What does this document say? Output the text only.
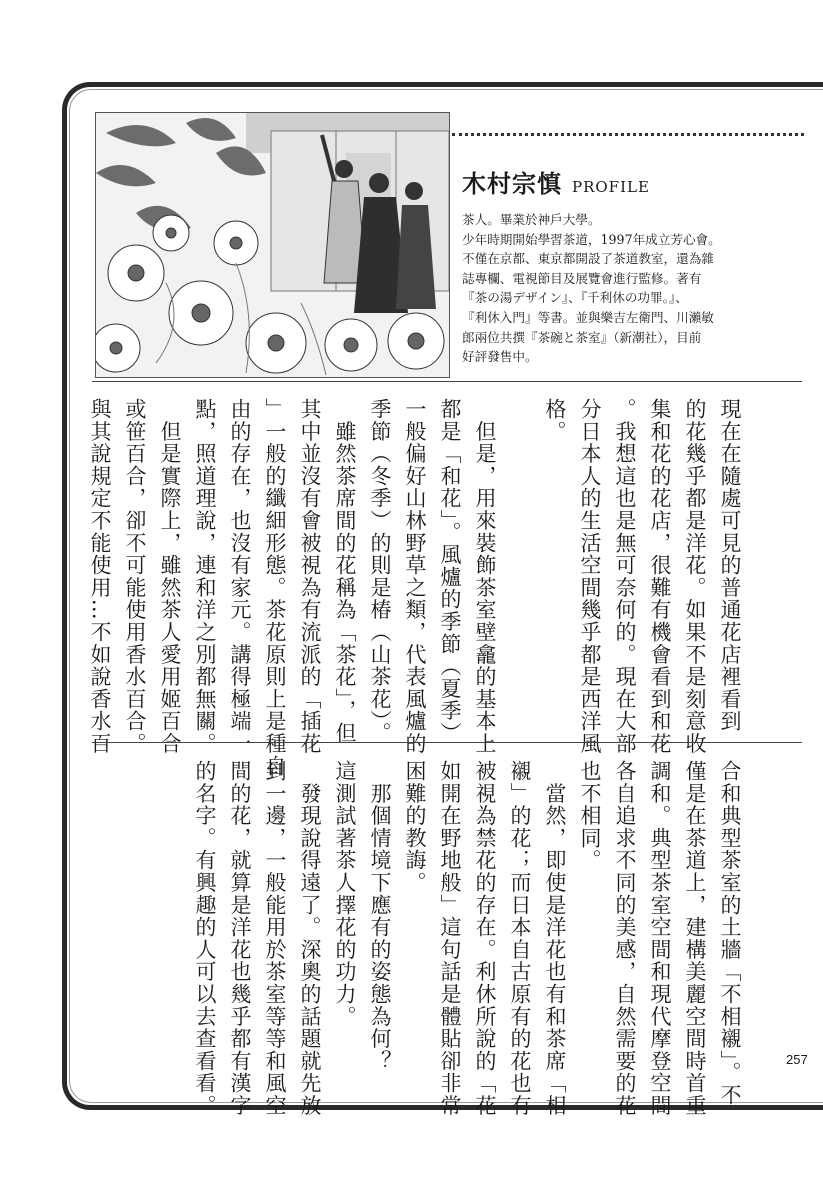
木村宗慎 PROFILE
茶人。畢業於神戶大學。
少年時期開始學習茶道，1997年成立芳心會。
不僅在京都、東京都開設了茶道教室，還為雜
誌專欄、電視節目及展覽會進行監修。著有
『茶の湯デザイン』、『千利休の功罪。』、
『利休入門』等書。並與樂吉左衛門、川瀨敏
郎兩位共撰『茶碗と茶室』（新潮社），目前
好評發售中。
現在在隨處可見的普通花店裡看到
的花幾乎都是洋花。如果不是刻意收
集和花的花店，很難有機會看到和花
。我想這也是無可奈何的。現在大部
分日本人的生活空間幾乎都是西洋風
格。
　但是，用來裝飾茶室壁龕的基本上
都是「和花」。風爐的季節（夏季）
一般偏好山林野草之類，代表風爐的
季節（冬季）的則是椿（山茶花）。
　雖然茶席間的花稱為「茶花」，但
其中並沒有會被視為有流派的「插花
」一般的纖細形態。茶花原則上是種自
由的存在，也沒有家元。講得極端一
點，照道理說，連和洋之別都無關。
　但是實際上，雖然茶人愛用姬百合
或笹百合，卻不可能使用香水百合。
與其說規定不能使用…不如說香水百
合和典型茶室的土牆「不相襯」。不
僅是在茶道上，建構美麗空間時首重
調和。典型茶室空間和現代摩登空間
各自追求不同的美感，自然需要的花
也不相同。
　當然，即使是洋花也有和茶席「相
襯」的花；而日本自古原有的花也有
被視為禁花的存在。利休所說的「花
如開在野地般」這句話是體貼卻非常
困難的教誨。
　那個情境下應有的姿態為何？
這測試著茶人擇花的功力。
　發現說得遠了。深奧的話題就先放
到一邊，一般能用於茶室等等和風空
間的花，就算是洋花也幾乎都有漢字
的名字。有興趣的人可以去查看看。	257
